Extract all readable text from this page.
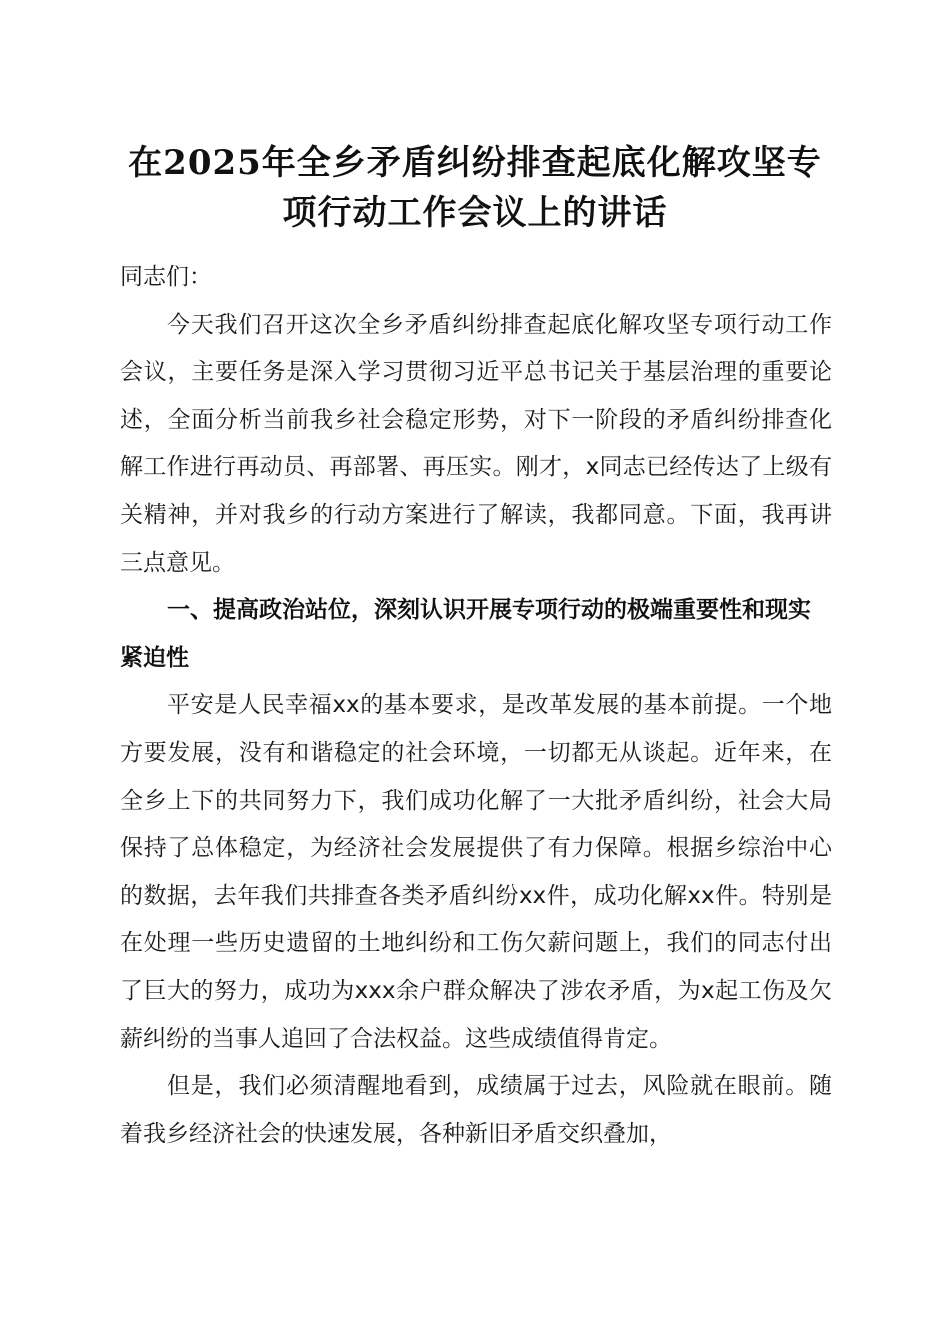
在2025年全乡矛盾纠纷排查起底化解攻坚专
项行动工作会议上的讲话

同志们：

今天我们召开这次全乡矛盾纠纷排查起底化解攻坚专项行动工作会议，主要任务是深入学习贯彻习近平总书记关于基层治理的重要论述，全面分析当前我乡社会稳定形势，对下一阶段的矛盾纠纷排查化解工作进行再动员、再部署、再压实。刚才，x同志已经传达了上级有关精神，并对我乡的行动方案进行了解读，我都同意。下面，我再讲三点意见。

一、提高政治站位，深刻认识开展专项行动的极端重要性和现实紧迫性

平安是人民幸福xx的基本要求，是改革发展的基本前提。一个地方要发展，没有和谐稳定的社会环境，一切都无从谈起。近年来，在全乡上下的共同努力下，我们成功化解了一大批矛盾纠纷，社会大局保持了总体稳定，为经济社会发展提供了有力保障。根据乡综治中心的数据，去年我们共排查各类矛盾纠纷xx件，成功化解xx件。特别是在处理一些历史遗留的土地纠纷和工伤欠薪问题上，我们的同志付出了巨大的努力，成功为xxx余户群众解决了涉农矛盾，为x起工伤及欠薪纠纷的当事人追回了合法权益。这些成绩值得肯定。

但是，我们必须清醒地看到，成绩属于过去，风险就在眼前。随着我乡经济社会的快速发展，各种新旧矛盾交织叠加，
